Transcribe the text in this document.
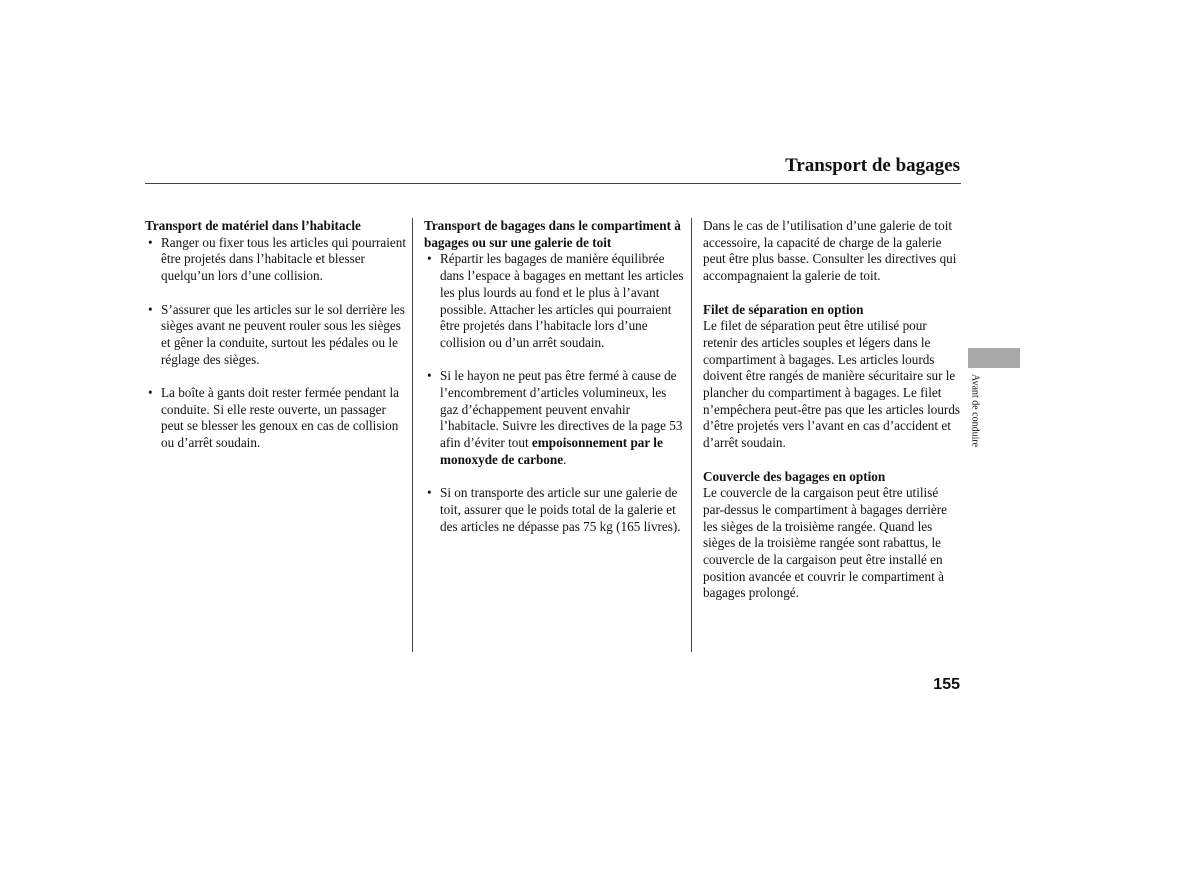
Transport de bagages
Transport de matériel dans l’habitacle
• Ranger ou fixer tous les articles qui pourraient être projetés dans l’habitacle et blesser quelqu’un lors d’une collision.
• S’assurer que les articles sur le sol derrière les sièges avant ne peuvent rouler sous les sièges et gêner la conduite, surtout les pédales ou le réglage des sièges.
• La boîte à gants doit rester fermée pendant la conduite. Si elle reste ouverte, un passager peut se blesser les genoux en cas de collision ou d’arrêt soudain.
Transport de bagages dans le compartiment à bagages ou sur une galerie de toit
• Répartir les bagages de manière équilibrée dans l’espace à bagages en mettant les articles les plus lourds au fond et le plus à l’avant possible. Attacher les articles qui pourraient être projetés dans l’habitacle lors d’une collision ou d’un arrêt soudain.
• Si le hayon ne peut pas être fermé à cause de l’encombrement d’articles volumineux, les gaz d’échappement peuvent envahir l’habitacle. Suivre les directives de la page 53 afin d’éviter tout empoisonnement par le monoxyde de carbone.
• Si on transporte des article sur une galerie de toit, assurer que le poids total de la galerie et des articles ne dépasse pas 75 kg (165 livres).
Dans le cas de l’utilisation d’une galerie de toit accessoire, la capacité de charge de la galerie peut être plus basse. Consulter les directives qui accompagnaient la galerie de toit.
Filet de séparation en option
Le filet de séparation peut être utilisé pour retenir des articles souples et légers dans le compartiment à bagages. Les articles lourds doivent être rangés de manière sécuritaire sur le plancher du compartiment à bagages. Le filet n’empêchera peut-être pas que les articles lourds d’être projetés vers l’avant en cas d’accident et d’arrêt soudain.
Couvercle des bagages en option
Le couvercle de la cargaison peut être utilisé par-dessus le compartiment à bagages derrière les sièges de la troisième rangée. Quand les sièges de la troisième rangée sont rabattus, le couvercle de la cargaison peut être installé en position avancée et couvrir le compartiment à bagages prolongé.
Avant de conduire
155
